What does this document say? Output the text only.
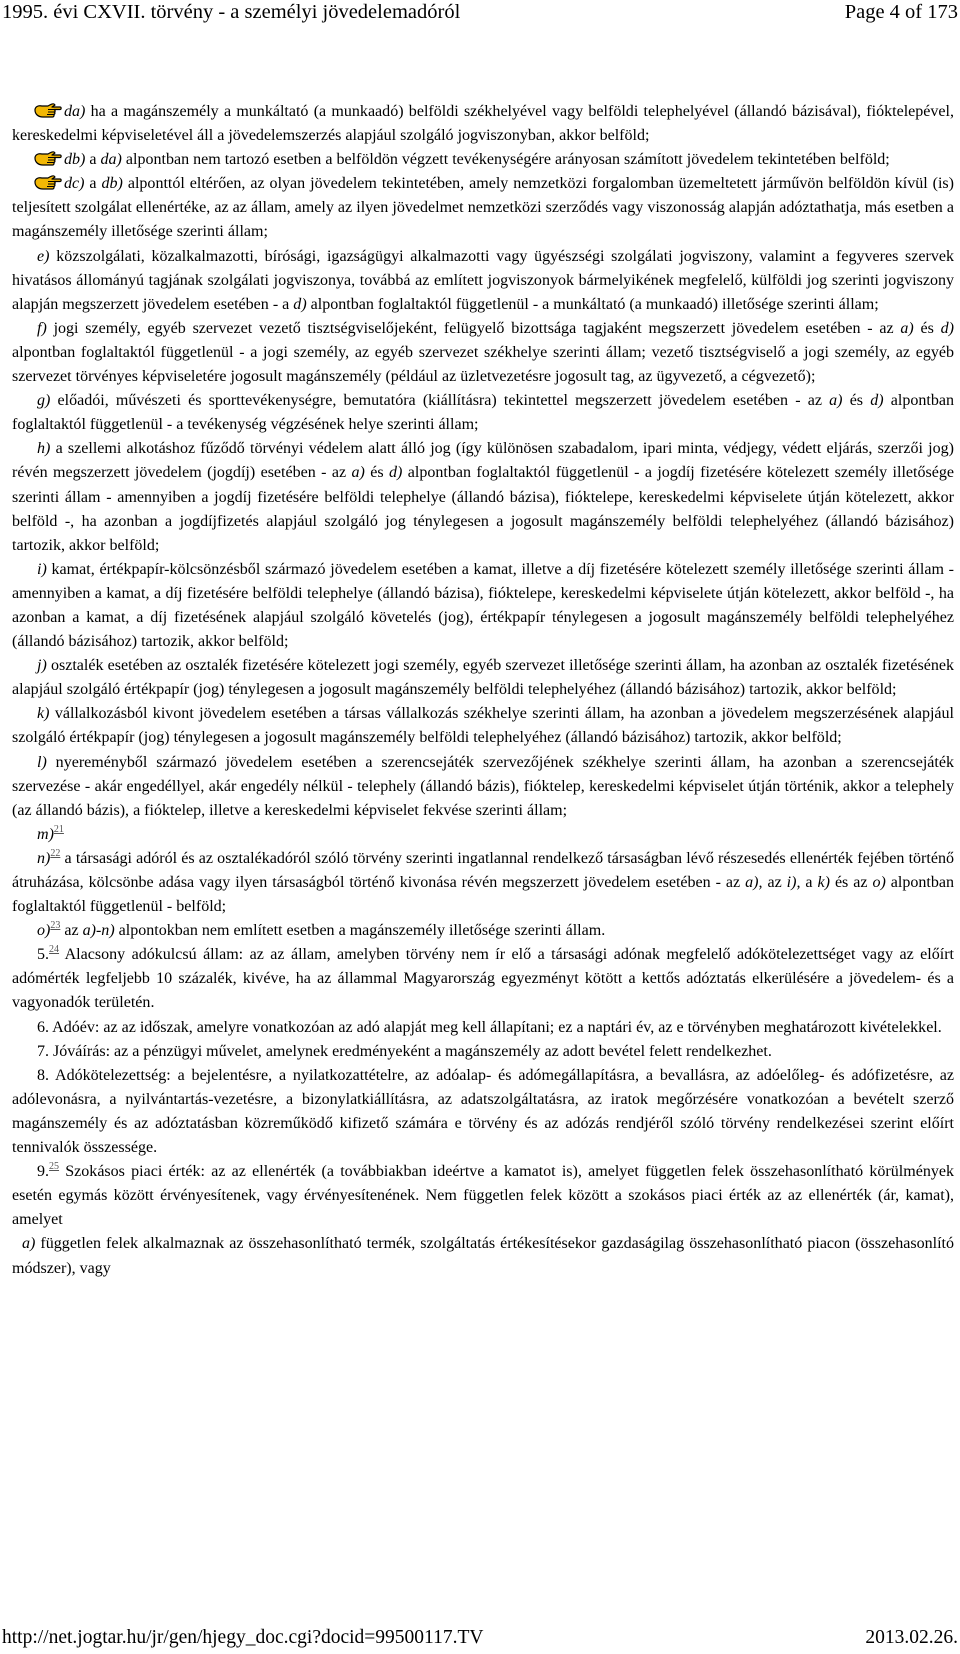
1995. évi CXVII. törvény - a személyi jövedelemadóról	Page 4 of 173

da) ha a magánszemély a munkáltató (a munkaadó) belföldi székhelyével vagy belföldi telephelyével (állandó bázisával), fióktelepével, kereskedelmi képviseletével áll a jövedelemszerzés alapjául szolgáló jogviszonyban, akkor belföld;

db) a da) alpontban nem tartozó esetben a belföldön végzett tevékenységére arányosan számított jövedelem tekintetében belföld;

dc) a db) alponttól eltérően, az olyan jövedelem tekintetében, amely nemzetközi forgalomban üzemeltetett járművön belföldön kívül (is) teljesített szolgálat ellenértéke, az az állam, amely az ilyen jövedelmet nemzetközi szerződés vagy viszonosság alapján adóztathatja, más esetben a magánszemély illetősége szerinti állam;

e) közszolgálati, közalkalmazotti, bírósági, igazságügyi alkalmazotti vagy ügyészségi szolgálati jogviszony, valamint a fegyveres szervek hivatásos állományú tagjának szolgálati jogviszonya, továbbá az említett jogviszonyok bármelyikének megfelelő, külföldi jog szerinti jogviszony alapján megszerzett jövedelem esetében - a d) alpontban foglaltaktól függetlenül - a munkáltató (a munkaadó) illetősége szerinti állam;

f) jogi személy, egyéb szervezet vezető tisztségviselőjeként, felügyelő bizottsága tagjaként megszerzett jövedelem esetében - az a) és d) alpontban foglaltaktól függetlenül - a jogi személy, az egyéb szervezet székhelye szerinti állam; vezető tisztségviselő a jogi személy, az egyéb szervezet törvényes képviseletére jogosult magánszemély (például az üzletvezetésre jogosult tag, az ügyvezető, a cégvezető);

g) előadói, művészeti és sporttevékenységre, bemutatóra (kiállításra) tekintettel megszerzett jövedelem esetében - az a) és d) alpontban foglaltaktól függetlenül - a tevékenység végzésének helye szerinti állam;

h) a szellemi alkotáshoz fűződő törvényi védelem alatt álló jog (így különösen szabadalom, ipari minta, védjegy, védett eljárás, szerzői jog) révén megszerzett jövedelem (jogdíj) esetében - az a) és d) alpontban foglaltaktól függetlenül - a jogdíj fizetésére kötelezett személy illetősége szerinti állam - amennyiben a jogdíj fizetésére belföldi telephelye (állandó bázisa), fióktelepe, kereskedelmi képviselete útján kötelezett, akkor belföld -, ha azonban a jogdíjfizetés alapjául szolgáló jog ténylegesen a jogosult magánszemély belföldi telephelyéhez (állandó bázisához) tartozik, akkor belföld;

i) kamat, értékpapír-kölcsönzésből származó jövedelem esetében a kamat, illetve a díj fizetésére kötelezett személy illetősége szerinti állam - amennyiben a kamat, a díj fizetésére belföldi telephelye (állandó bázisa), fióktelepe, kereskedelmi képviselete útján kötelezett, akkor belföld -, ha azonban a kamat, a díj fizetésének alapjául szolgáló követelés (jog), értékpapír ténylegesen a jogosult magánszemély belföldi telephelyéhez (állandó bázisához) tartozik, akkor belföld;

j) osztalék esetében az osztalék fizetésére kötelezett jogi személy, egyéb szervezet illetősége szerinti állam, ha azonban az osztalék fizetésének alapjául szolgáló értékpapír (jog) ténylegesen a jogosult magánszemély belföldi telephelyéhez (állandó bázisához) tartozik, akkor belföld;

k) vállalkozásból kivont jövedelem esetében a társas vállalkozás székhelye szerinti állam, ha azonban a jövedelem megszerzésének alapjául szolgáló értékpapír (jog) ténylegesen a jogosult magánszemély belföldi telephelyéhez (állandó bázisához) tartozik, akkor belföld;

l) nyereményből származó jövedelem esetében a szerencsejáték szervezőjének székhelye szerinti állam, ha azonban a szerencsejáték szervezése - akár engedéllyel, akár engedély nélkül - telephely (állandó bázis), fióktelep, kereskedelmi képviselet útján történik, akkor a telephely (az állandó bázis), a fióktelep, illetve a kereskedelmi képviselet fekvése szerinti állam;

m)$^{21}$

n)$^{22}$ a társasági adóról és az osztalékadóról szóló törvény szerinti ingatlannal rendelkező társaságban lévő részesedés ellenérték fejében történő átruházása, kölcsönbe adása vagy ilyen társaságból történő kivonása révén megszerzett jövedelem esetében - az a), az i), a k) és az o) alpontban foglaltaktól függetlenül - belföld;

o)$^{23}$ az a)-n) alpontokban nem említett esetben a magánszemély illetősége szerinti állam.

5.24 Alacsony adókulcsú állam: az az állam, amelyben törvény nem ír elő a társasági adónak megfelelő adókötelezettséget vagy az előírt adómérték legfeljebb 10 százalék, kivéve, ha az állammal Magyarország egyezményt kötött a kettős adóztatás elkerülésére a jövedelem- és a vagyonadók területén.

6. Adóév: az az időszak, amelyre vonatkozóan az adó alapját meg kell állapítani; ez a naptári év, az e törvényben meghatározott kivételekkel.

7. Jóváírás: az a pénzügyi művelet, amelynek eredményeként a magánszemély az adott bevétel felett rendelkezhet.

8. Adókötelezettség: a bejelentésre, a nyilatkozattételre, az adóalap- és adómegállapításra, a bevallásra, az adóelőleg- és adófizetésre, az adólevonásra, a nyilvántartás-vezetésre, a bizonylatkiállításra, az adatszolgáltatásra, az iratok megőrzésére vonatkozóan a bevételt szerző magánszemély és az adóztatásban közreműködő kifizető számára e törvény és az adózás rendjéről szóló törvény rendelkezései szerint előírt tennivalók összessége.

9.25 Szokásos piaci érték: az az ellenérték (a továbbiakban ideértve a kamatot is), amelyet független felek összehasonlítható körülmények esetén egymás között érvényesítenek, vagy érvényesítenének. Nem független felek között a szokásos piaci érték az az ellenérték (ár, kamat), amelyet

a) független felek alkalmaznak az összehasonlítható termék, szolgáltatás értékesítésekor gazdaságilag összehasonlítható piacon (összehasonlító módszer), vagy

http://net.jogtar.hu/jr/gen/hjegy_doc.cgi?docid=99500117.TV	2013.02.26.
